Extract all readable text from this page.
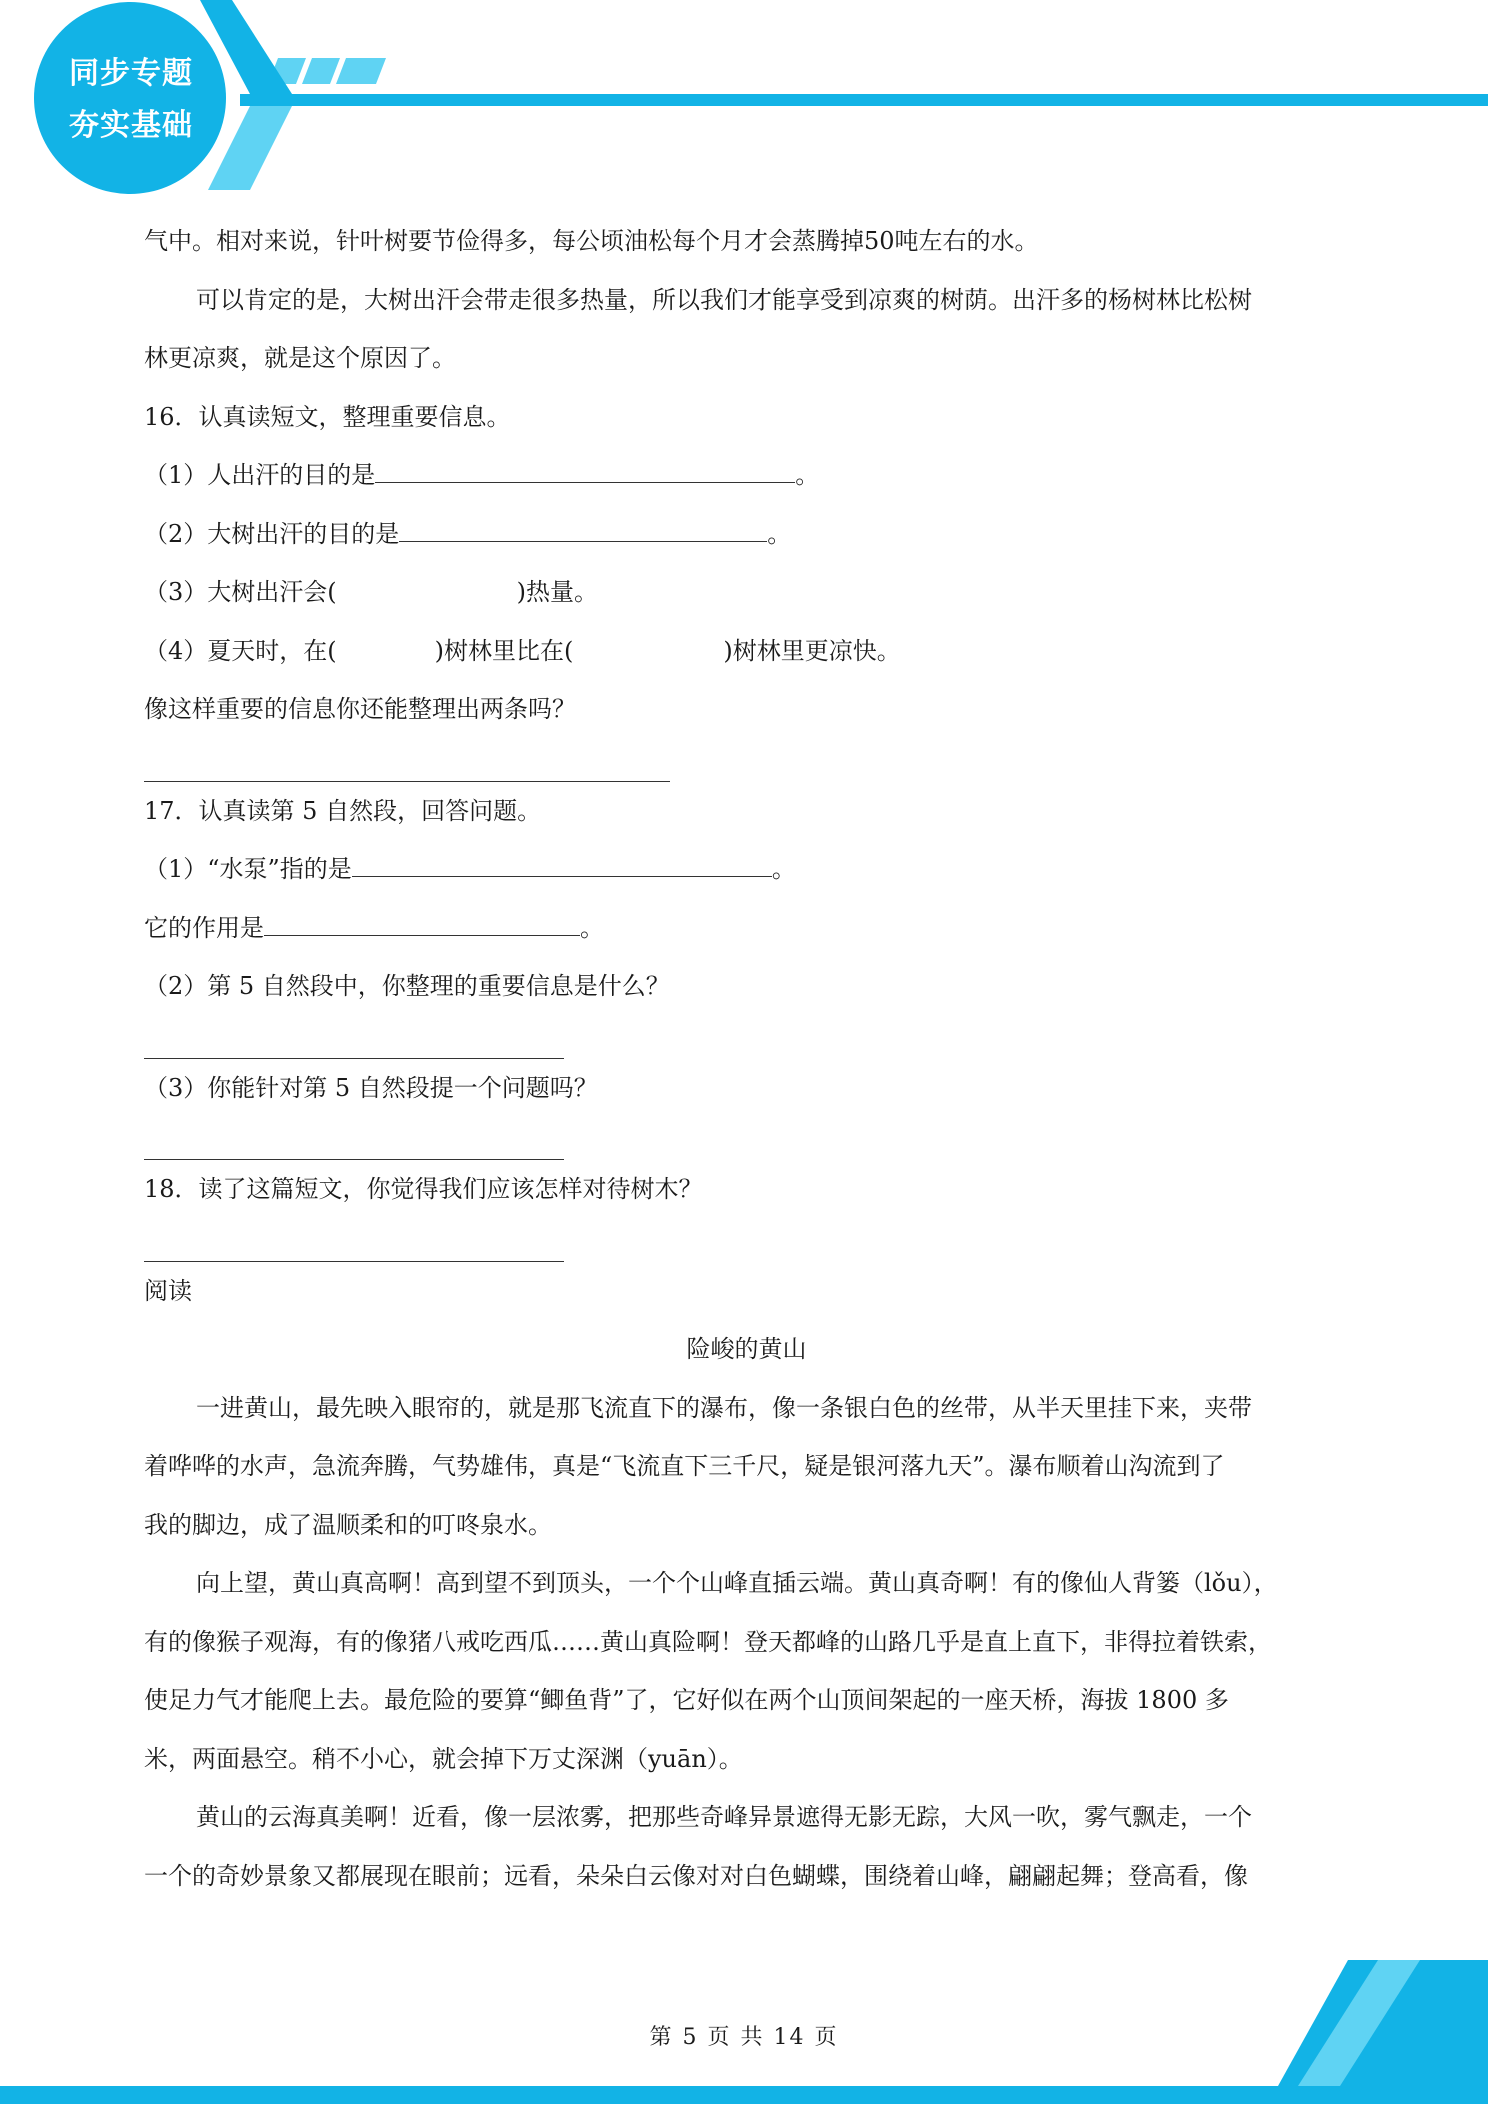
同步专题
夯实基础
气中。相对来说，针叶树要节俭得多，每公顷油松每个月才会蒸腾掉50吨左右的水。
可以肯定的是，大树出汗会带走很多热量，所以我们才能享受到凉爽的树荫。出汗多的杨树林比松树
林更凉爽，就是这个原因了。
16．认真读短文，整理重要信息。
（1）人出汗的目的是	。
（2）大树出汗的目的是	。
（3）大树出汗会(	)热量。
（4）夏天时，在(	)树林里比在(	)树林里更凉快。
像这样重要的信息你还能整理出两条吗？
17．认真读第 5 自然段，回答问题。
（1）“水泵”指的是	。
它的作用是	。
（2）第 5 自然段中，你整理的重要信息是什么？
（3）你能针对第 5 自然段提一个问题吗？
18．读了这篇短文，你觉得我们应该怎样对待树木？
阅读
险峻的黄山
一进黄山，最先映入眼帘的，就是那飞流直下的瀑布，像一条银白色的丝带，从半天里挂下来，夹带
着哗哗的水声，急流奔腾，气势雄伟，真是“飞流直下三千尺，疑是银河落九天”。瀑布顺着山沟流到了
我的脚边，成了温顺柔和的叮咚泉水。
向上望，黄山真高啊！高到望不到顶头，一个个山峰直插云端。黄山真奇啊！有的像仙人背篓（lǒu），
有的像猴子观海，有的像猪八戒吃西瓜……黄山真险啊！登天都峰的山路几乎是直上直下，非得拉着铁索，
使足力气才能爬上去。最危险的要算“鲫鱼背”了，它好似在两个山顶间架起的一座天桥，海拔 1800 多
米，两面悬空。稍不小心，就会掉下万丈深渊（yuān）。
黄山的云海真美啊！近看，像一层浓雾，把那些奇峰异景遮得无影无踪，大风一吹，雾气飘走，一个
一个的奇妙景象又都展现在眼前；远看，朵朵白云像对对白色蝴蝶，围绕着山峰，翩翩起舞；登高看，像
第 5 页 共 14 页
